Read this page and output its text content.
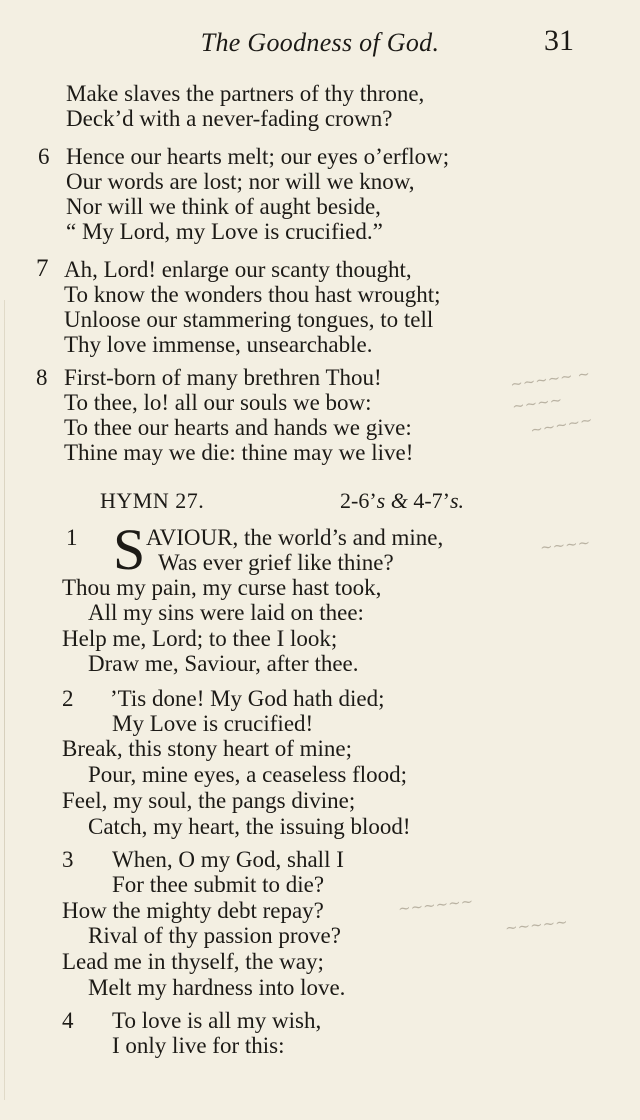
The Goodness of God.	31
Make slaves the partners of thy throne,
Deck’d with a never-fading crown?
6 Hence our hearts melt; our eyes o’erflow;
Our words are lost; nor will we know,
Nor will we think of aught beside,
“ My Lord, my Love is crucified.”
7 Ah, Lord! enlarge our scanty thought,
To know the wonders thou hast wrought;
Unloose our stammering tongues, to tell
Thy love immense, unsearchable.
8 First-born of many brethren Thou!
To thee, lo! all our souls we bow:
To thee our hearts and hands we give:
Thine may we die: thine may we live!
~~~~~ ~
~~~~
~~~~~
~~~~
~~~~~~
~~~~~
HYMN 27.	2-6’s & 4-7’s.
1 S AVIOUR, the world’s and mine,
Was ever grief like thine?
Thou my pain, my curse hast took,
All my sins were laid on thee:
Help me, Lord; to thee I look;
Draw me, Saviour, after thee.
2 ’Tis done! My God hath died;
My Love is crucified!
Break, this stony heart of mine;
Pour, mine eyes, a ceaseless flood;
Feel, my soul, the pangs divine;
Catch, my heart, the issuing blood!
3 When, O my God, shall I
For thee submit to die?
How the mighty debt repay?
Rival of thy passion prove?
Lead me in thyself, the way;
Melt my hardness into love.
4 To love is all my wish,
I only live for this:
